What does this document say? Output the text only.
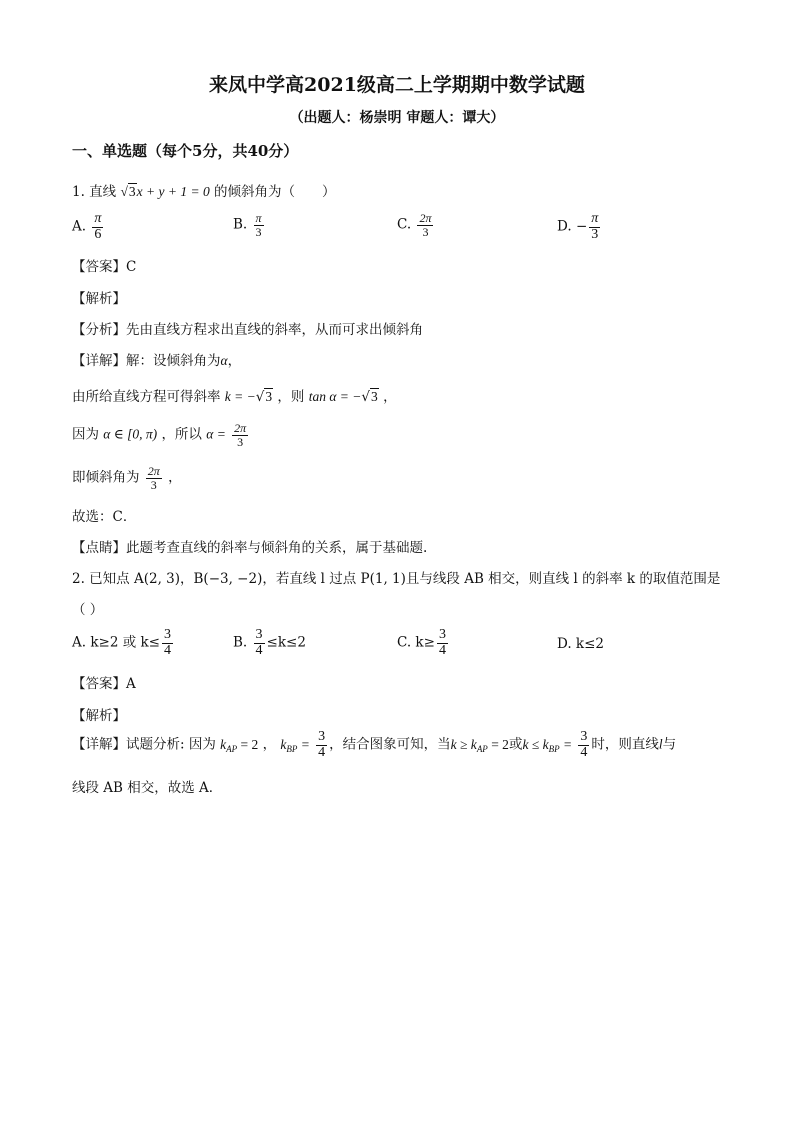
来凤中学高2021级高二上学期期中数学试题
（出题人：杨崇明 审题人：谭大）
一、单选题（每个5分，共40分）
1. 直线 √3x + y + 1 = 0 的倾斜角为（　　）
A. $\frac{\pi}{6}$	B. $\frac{\pi}{3}$	C. $\frac{2\pi}{3}$	D. − $\frac{\pi}{3}$
【答案】C
【解析】
【分析】先由直线方程求出直线的斜率，从而可求出倾斜角
【详解】解：设倾斜角为α，
由所给直线方程可得斜率 k = −√3 ，则 tan α = −√3 ，
因为 α ∈ [0, π) ，所以 $\alpha = \frac{2\pi}{3}$
即倾斜角为 $\frac{2\pi}{3}$ ，
故选：C．
【点睛】此题考查直线的斜率与倾斜角的关系，属于基础题.
2. 已知点 A(2, 3)，B(−3, −2)，若直线 l 过点 P(1, 1)且与线段 AB 相交，则直线 l 的斜率 k 的取值范围是
（ ）
A. k≥2 或 $k\le \frac{3}{4}$	B. $\frac{3}{4} \le k\le 2$	C. $k\ge \frac{3}{4}$	D. k≤2
【答案】A
【解析】
【详解】试题分析: 因为 $k_{AP} = 2$ ， $k_{BP} = \frac{3}{4}$ ，结合图象可知，当$k \ge k_{AP} = 2$或$k \le k_{BP} = \frac{3}{4}$ 时，则直线l与
线段 AB 相交，故选 A．
